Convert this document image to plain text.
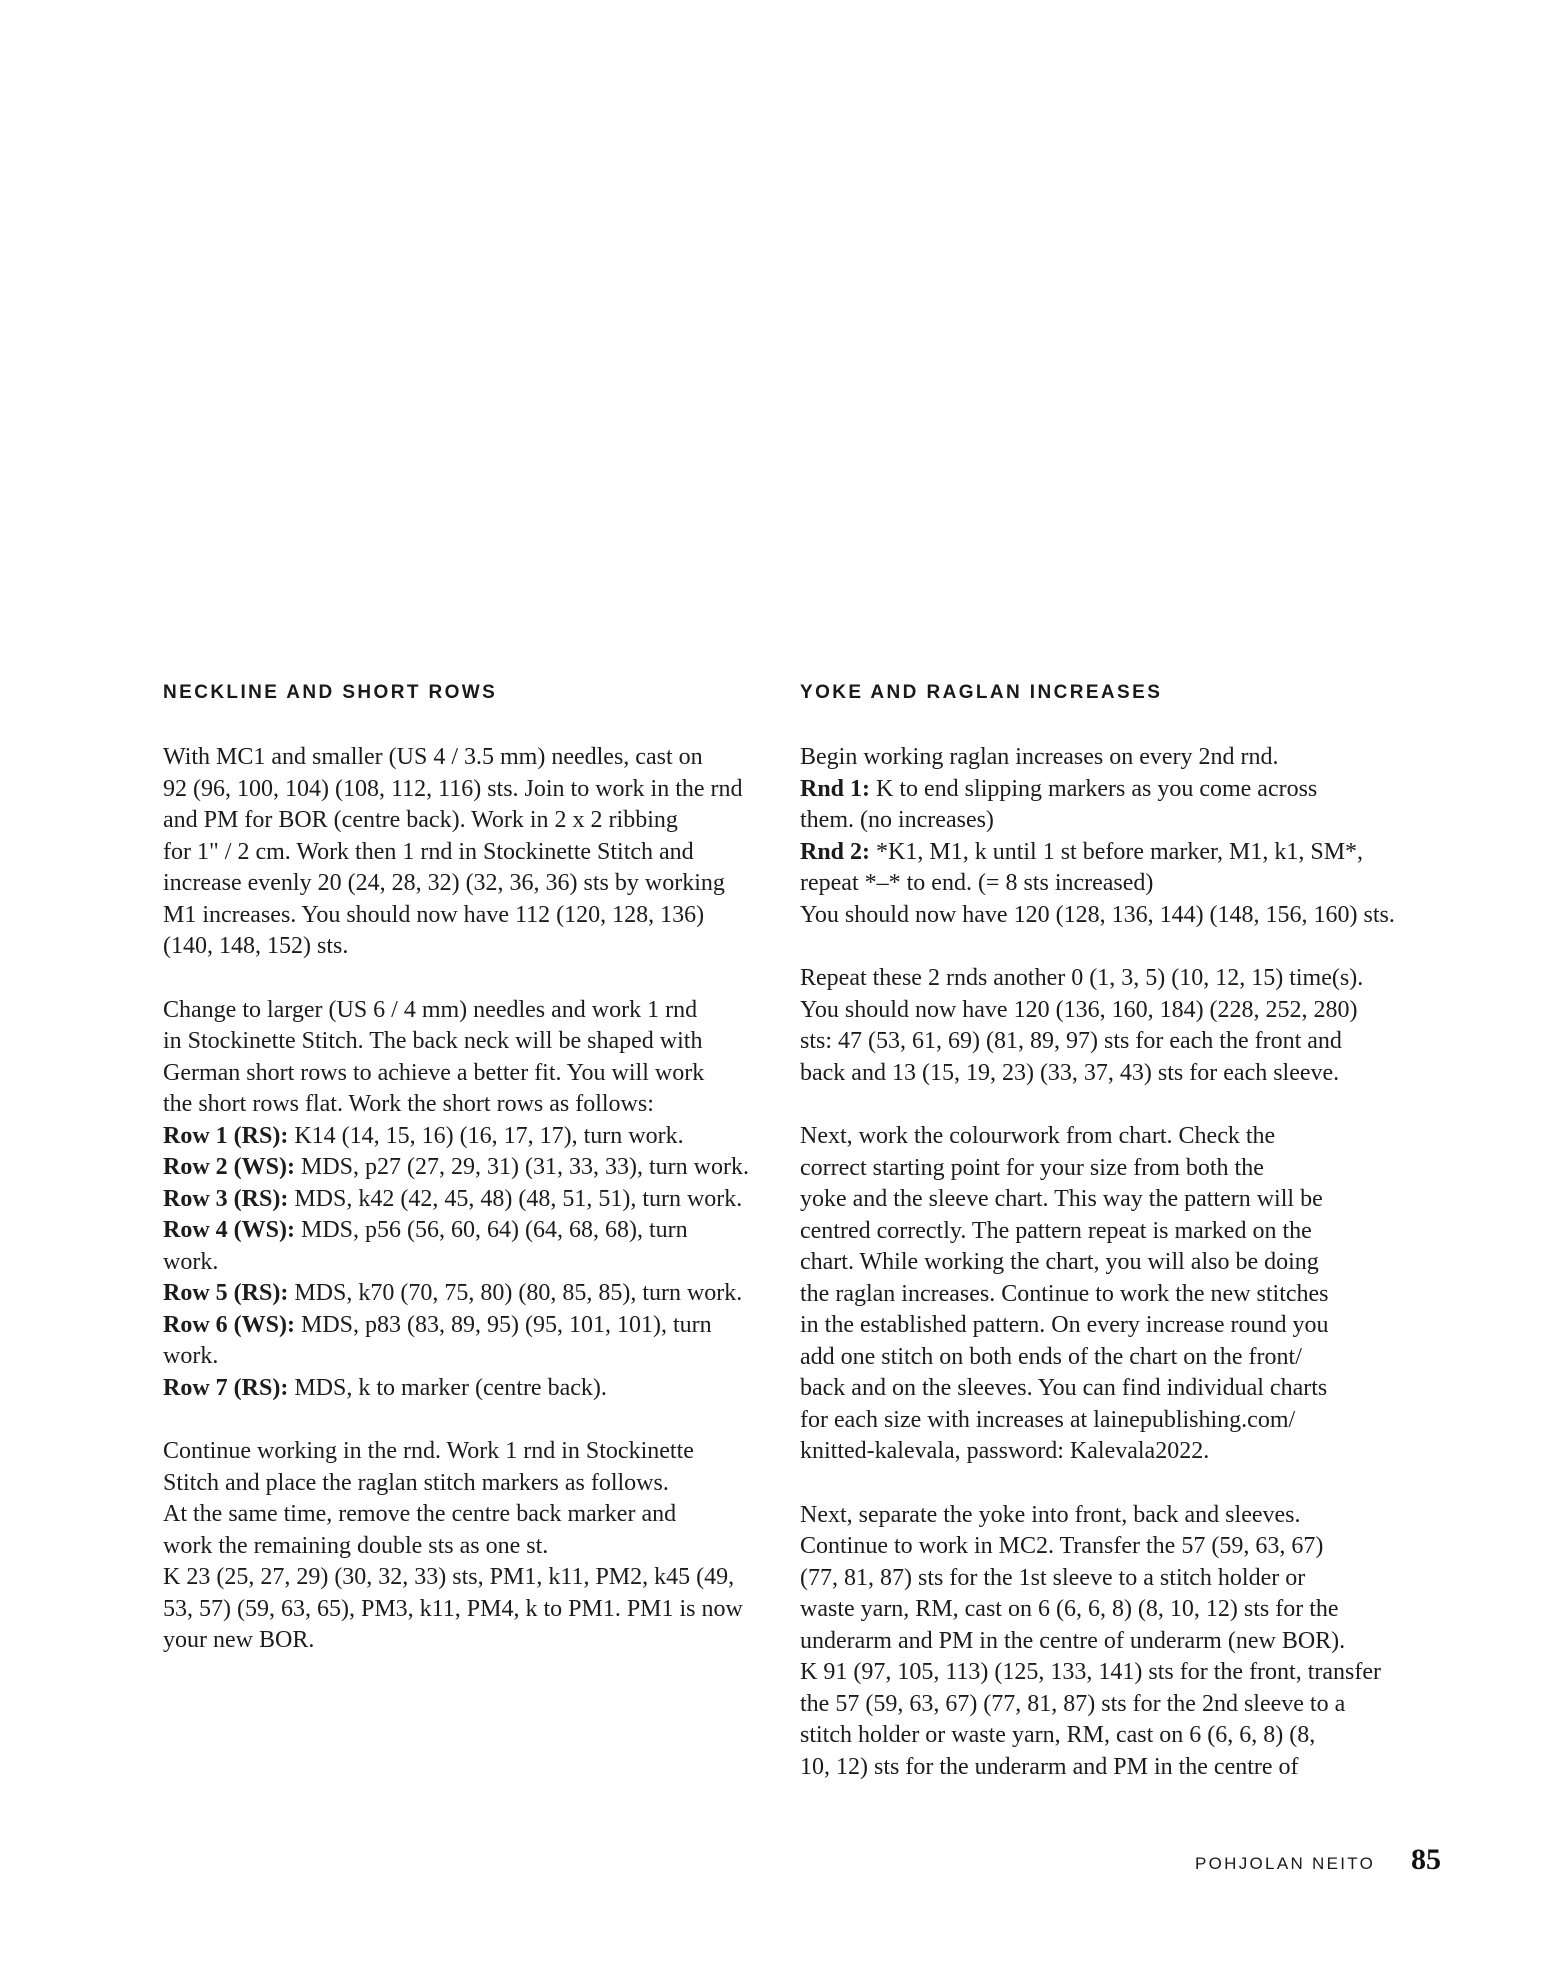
NECKLINE AND SHORT ROWS

With MC1 and smaller (US 4 / 3.5 mm) needles, cast on
92 (96, 100, 104) (108, 112, 116) sts. Join to work in the rnd
and PM for BOR (centre back). Work in 2 x 2 ribbing
for 1" / 2 cm. Work then 1 rnd in Stockinette Stitch and
increase evenly 20 (24, 28, 32) (32, 36, 36) sts by working
M1 increases. You should now have 112 (120, 128, 136)
(140, 148, 152) sts.

Change to larger (US 6 / 4 mm) needles and work 1 rnd
in Stockinette Stitch. The back neck will be shaped with
German short rows to achieve a better fit. You will work
the short rows flat. Work the short rows as follows:
Row 1 (RS): K14 (14, 15, 16) (16, 17, 17), turn work.
Row 2 (WS): MDS, p27 (27, 29, 31) (31, 33, 33), turn work.
Row 3 (RS): MDS, k42 (42, 45, 48) (48, 51, 51), turn work.
Row 4 (WS): MDS, p56 (56, 60, 64) (64, 68, 68), turn
work.
Row 5 (RS): MDS, k70 (70, 75, 80) (80, 85, 85), turn work.
Row 6 (WS): MDS, p83 (83, 89, 95) (95, 101, 101), turn
work.
Row 7 (RS): MDS, k to marker (centre back).

Continue working in the rnd. Work 1 rnd in Stockinette
Stitch and place the raglan stitch markers as follows.
At the same time, remove the centre back marker and
work the remaining double sts as one st.
K 23 (25, 27, 29) (30, 32, 33) sts, PM1, k11, PM2, k45 (49,
53, 57) (59, 63, 65), PM3, k11, PM4, k to PM1. PM1 is now
your new BOR.

YOKE AND RAGLAN INCREASES

Begin working raglan increases on every 2nd rnd.
Rnd 1: K to end slipping markers as you come across
them. (no increases)
Rnd 2: *K1, M1, k until 1 st before marker, M1, k1, SM*,
repeat *–* to end. (= 8 sts increased)
You should now have 120 (128, 136, 144) (148, 156, 160) sts.

Repeat these 2 rnds another 0 (1, 3, 5) (10, 12, 15) time(s).
You should now have 120 (136, 160, 184) (228, 252, 280)
sts: 47 (53, 61, 69) (81, 89, 97) sts for each the front and
back and 13 (15, 19, 23) (33, 37, 43) sts for each sleeve.

Next, work the colourwork from chart. Check the
correct starting point for your size from both the
yoke and the sleeve chart. This way the pattern will be
centred correctly. The pattern repeat is marked on the
chart. While working the chart, you will also be doing
the raglan increases. Continue to work the new stitches
in the established pattern. On every increase round you
add one stitch on both ends of the chart on the front/
back and on the sleeves. You can find individual charts
for each size with increases at lainepublishing.com/
knitted-kalevala, password: Kalevala2022.

Next, separate the yoke into front, back and sleeves.
Continue to work in MC2. Transfer the 57 (59, 63, 67)
(77, 81, 87) sts for the 1st sleeve to a stitch holder or
waste yarn, RM, cast on 6 (6, 6, 8) (8, 10, 12) sts for the
underarm and PM in the centre of underarm (new BOR).
K 91 (97, 105, 113) (125, 133, 141) sts for the front, transfer
the 57 (59, 63, 67) (77, 81, 87) sts for the 2nd sleeve to a
stitch holder or waste yarn, RM, cast on 6 (6, 6, 8) (8,
10, 12) sts for the underarm and PM in the centre of

POHJOLAN NEITO 85
